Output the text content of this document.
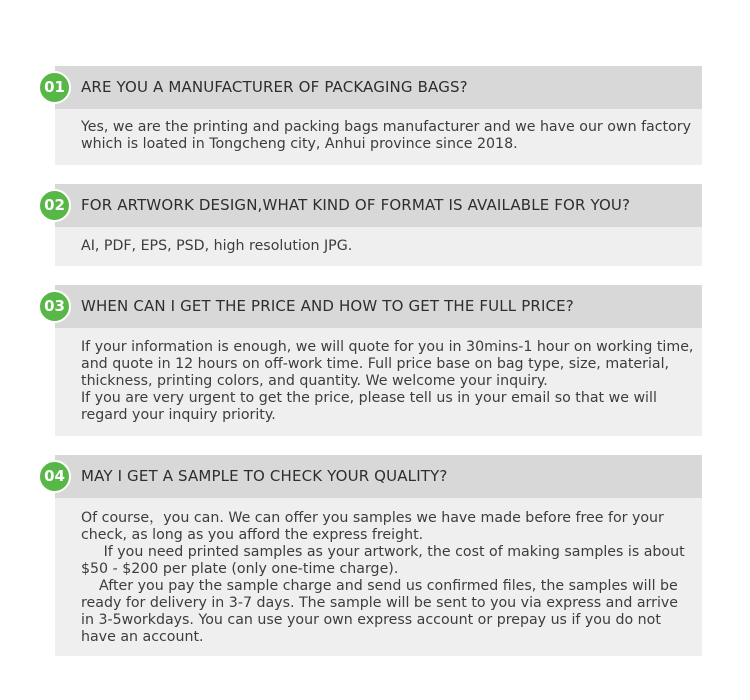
01	ARE YOU A MANUFACTURER OF PACKAGING BAGS?

Yes, we are the printing and packing bags manufacturer and we have our own factory which is loated in Tongcheng city, Anhui province since 2018.

02	FOR ARTWORK DESIGN,WHAT KIND OF FORMAT IS AVAILABLE FOR YOU?

AI, PDF, EPS, PSD, high resolution JPG.

03	WHEN CAN I GET THE PRICE AND HOW TO GET THE FULL PRICE?

If your information is enough, we will quote for you in 30mins-1 hour on working time, and quote in 12 hours on off-work time. Full price base on bag type, size, material, thickness, printing colors, and quantity. We welcome your inquiry.
If you are very urgent to get the price, please tell us in your email so that we will regard your inquiry priority.

04	MAY I GET A SAMPLE TO CHECK YOUR QUALITY?

Of course，you can. We can offer you samples we have made before free for your check, as long as you afford the express freight.
If you need printed samples as your artwork, the cost of making samples is about $50 - $200 per plate (only one-time charge).
After you pay the sample charge and send us confirmed files, the samples will be ready for delivery in 3-7 days. The sample will be sent to you via express and arrive in 3-5workdays. You can use your own express account or prepay us if you do not have an account.
